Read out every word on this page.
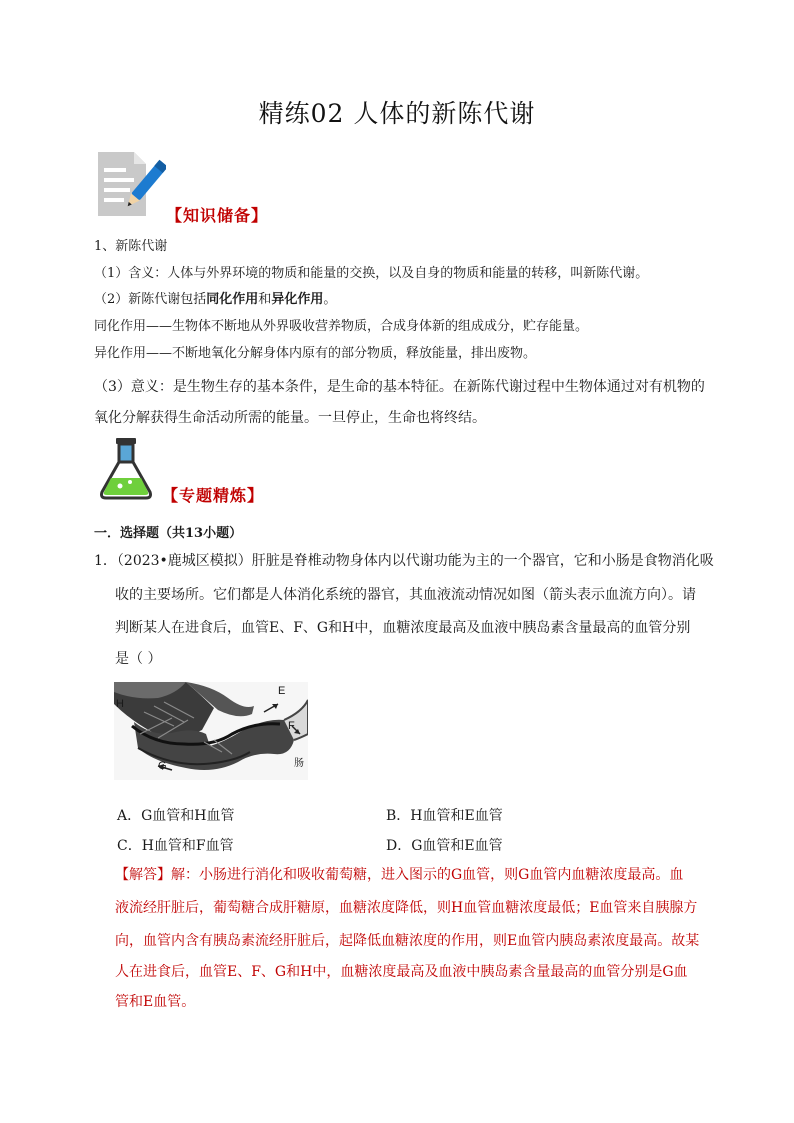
精练02 人体的新陈代谢
【知识储备】
1、新陈代谢
（1）含义：人体与外界环境的物质和能量的交换，以及自身的物质和能量的转移，叫新陈代谢。
（2）新陈代谢包括同化作用和异化作用。
同化作用——生物体不断地从外界吸收营养物质，合成身体新的组成成分，贮存能量。
异化作用——不断地氧化分解身体内原有的部分物质，释放能量，排出废物。
（3）意义：是生物生存的基本条件，是生命的基本特征。在新陈代谢过程中生物体通过对有机物的
氧化分解获得生命活动所需的能量。一旦停止，生命也将终结。
【专题精炼】
一．选择题（共13小题）
1．（2023•鹿城区模拟）肝脏是脊椎动物身体内以代谢功能为主的一个器官，它和小肠是食物消化吸
收的主要场所。它们都是人体消化系统的器官，其血液流动情况如图（箭头表示血流方向）。请
判断某人在进食后，血管E、F、G和H中，血糖浓度最高及血液中胰岛素含量最高的血管分别
是（ ）
E
F
H
G	肠
A．G血管和H血管	B．H血管和E血管
C．H血管和F血管	D．G血管和E血管
【解答】解：小肠进行消化和吸收葡萄糖，进入图示的G血管，则G血管内血糖浓度最高。血
液流经肝脏后，葡萄糖合成肝糖原，血糖浓度降低，则H血管血糖浓度最低；E血管来自胰腺方
向，血管内含有胰岛素流经肝脏后，起降低血糖浓度的作用，则E血管内胰岛素浓度最高。故某
人在进食后，血管E、F、G和H中，血糖浓度最高及血液中胰岛素含量最高的血管分别是G血
管和E血管。
